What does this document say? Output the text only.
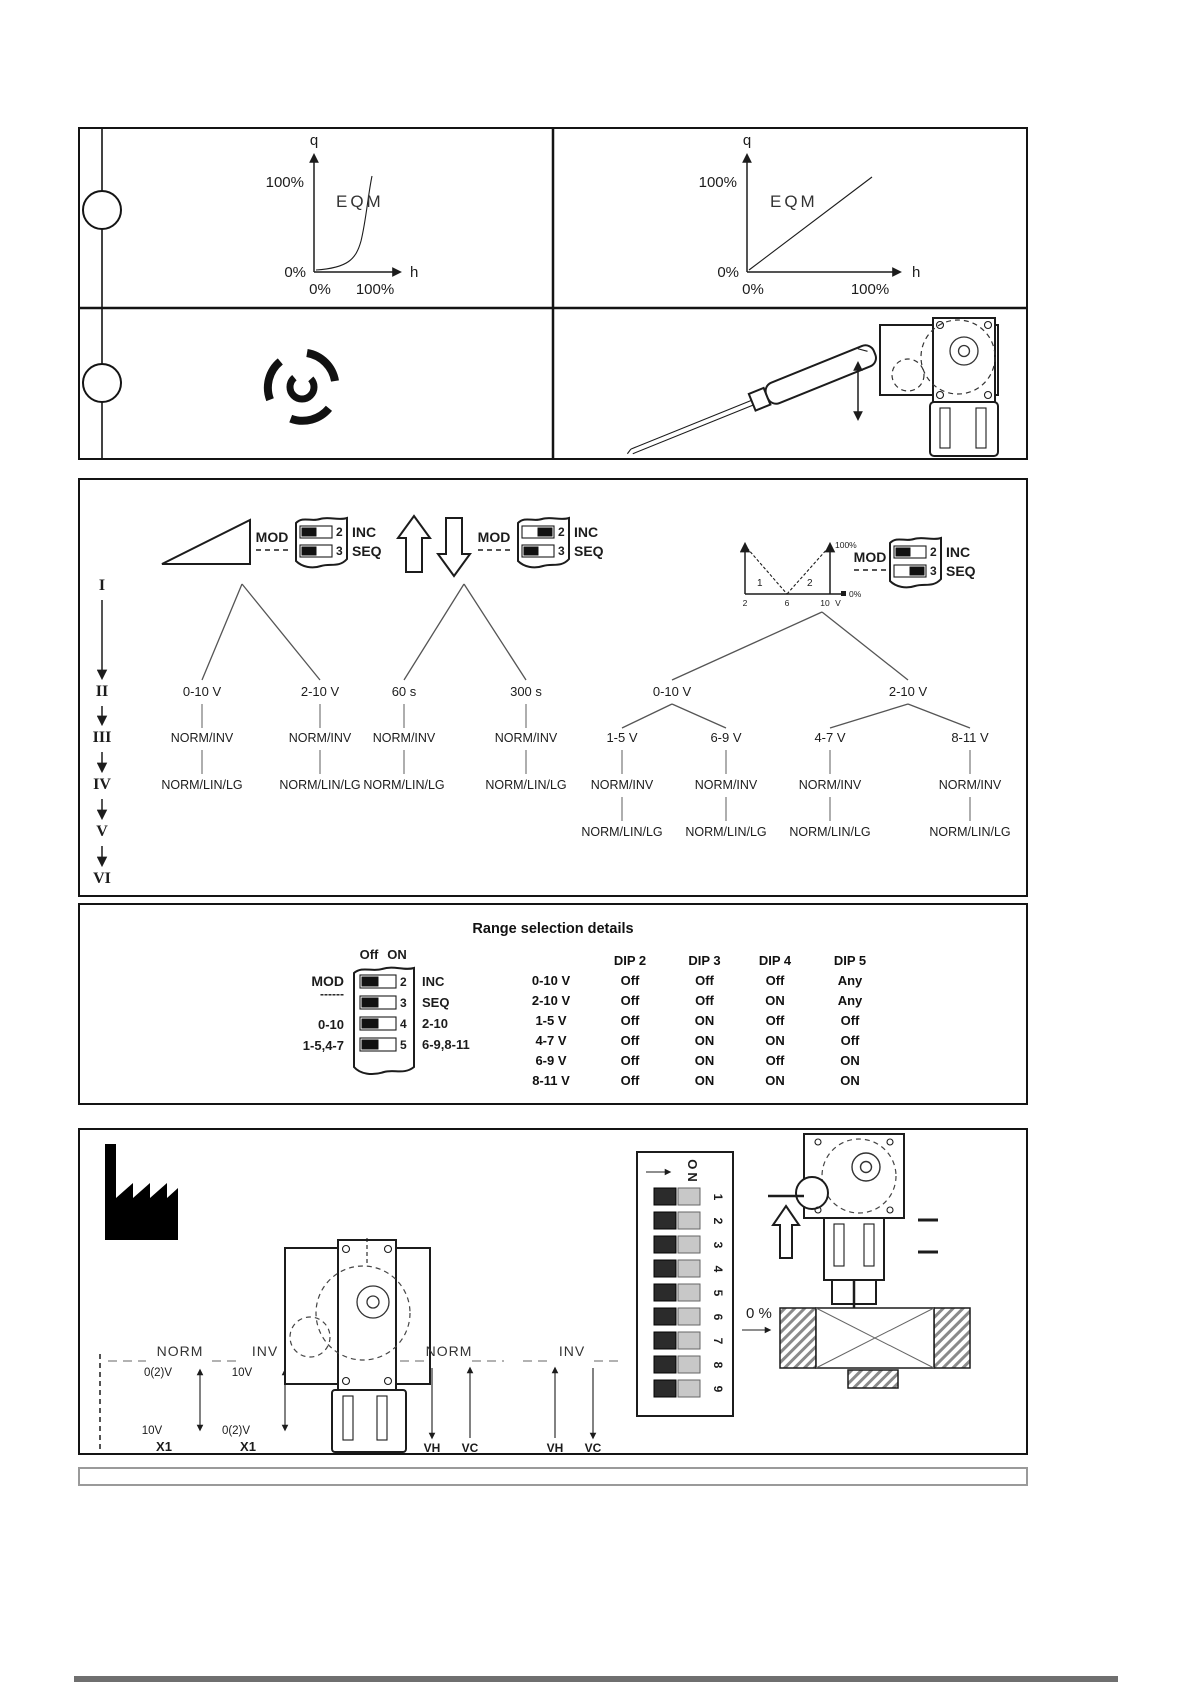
q
100%
EQM
0%
0% 100%
h
q
100%
EQM
0%
0%	100%
h
I
II
III
IV
V
VI
MOD	2
3
INC
SEQ
0-10 V	2-10 V
NORM/INV	NORM/INV
NORM/LIN/LG	NORM/LIN/LG
MOD	2
3
INC
SEQ
60 s	300 s
NORM/INV	NORM/INV
NORM/LIN/LG	NORM/LIN/LG
100%
0%
1	2
2	6	10 V
MOD	2
3
INC
SEQ
0-10 V	2-10 V
1-5 V	6-9 V	4-7 V	8-11 V
NORM/INV	NORM/INV	NORM/INV	NORM/INV
NORM/LIN/LG NORM/LIN/LG NORM/LIN/LG	NORM/LIN/LG
Range selection details
Off ON
2
3
4
5
MOD
------
0-10
1-5,4-7
INC
SEQ
2-10
6-9,8-11
DIP 2	DIP 3	DIP 4	DIP 5
0-10 V	Off	Off	Off	Any
2-10 V	Off	Off	ON	Any
1-5 V	Off	ON	Off	Off
4-7 V	Off	ON	ON	Off
6-9 V	Off	ON	Off	ON
8-11 V	Off	ON	ON	ON
NORM	INV
0(2)V
10V
X1
10V
0(2)V
X1
NORM	INV
VH VC	VH VC
ON
1
2
3
4
5
6
7
8
9
0 %
